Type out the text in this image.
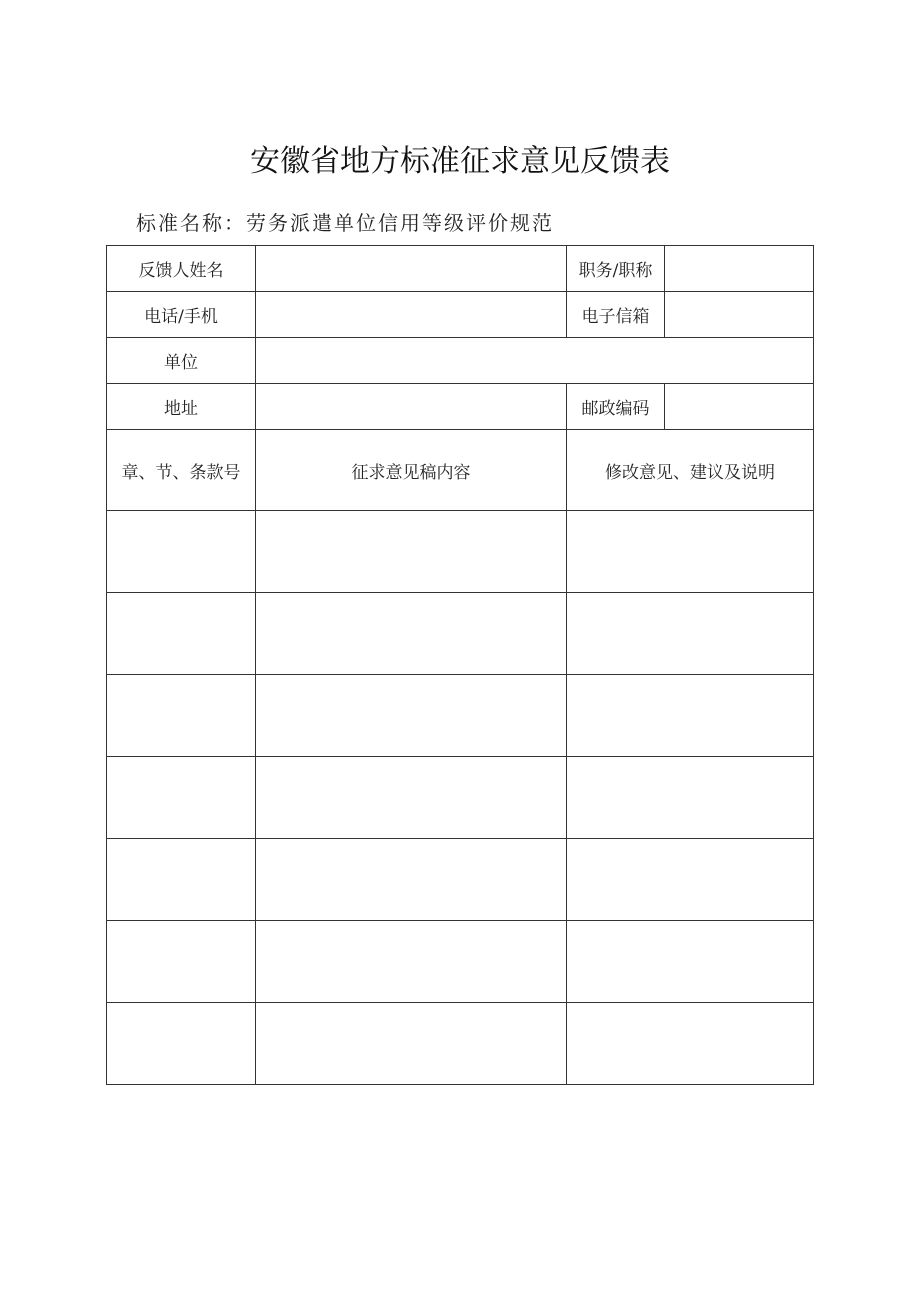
安徽省地方标准征求意见反馈表
标准名称：劳务派遣单位信用等级评价规范
反馈人姓名		职务/职称	
电话/手机		电子信箱	
单位			
地址		邮政编码	
章、节、条款号	征求意见稿内容	修改意见、建议及说明	
